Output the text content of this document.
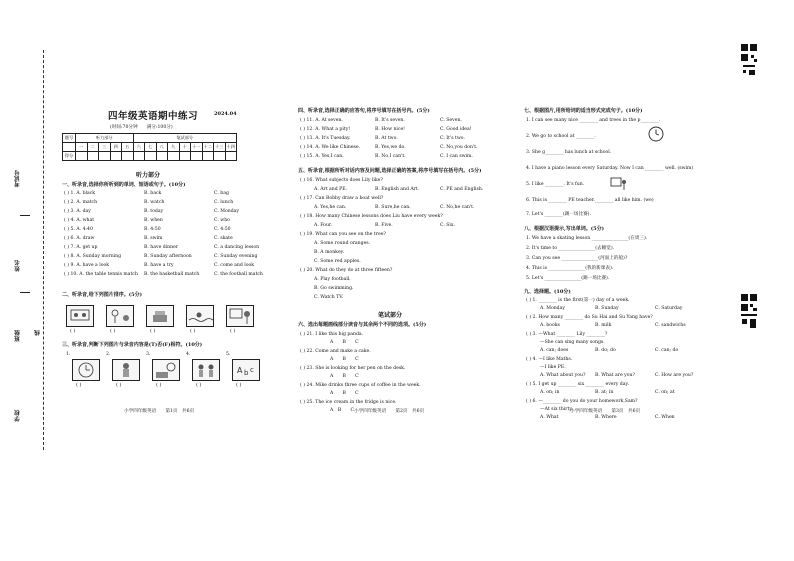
考试号
姓名
班级
学校
线
四年级英语期中练习	2024.04
(时间:70分钟　　满分:100分)
题号	听力部分					笔试部分								
	一	二	三	四	五	六	七	八	九	十	十一	十二	十三	十四
得分														
听力部分
一、听录音,选择你所听到的单词、短语或句子。(10分)
( ) 1. A. black	B. back	C. bag
( ) 2. A. match	B. watch	C. lunch
( ) 3. A. day	B. today	C. Monday
( ) 4. A. what	B. when	C. who
( ) 5. A. 4:40	B. 4:50	C. 4:50
( ) 6. A. draw	B. swim	C. skate
( ) 7. A. get up	B. have dinner	C. a dancing lesson
( ) 8. A. Sunday morning	B. Sunday afternoon	C. Sunday evening
( ) 9. A. have a look	B. have a try	C. come and look
( ) 10. A. the table tennis match B. the basketball match	C. the football match
二、听录音,给下列图片排序。(5分)
( )	( )	( )	( )	( )
三、听录音,判断下列图片与录音内容是(T)否(F)相符。(10分)
1.	2.	3.	4.	5.
A b c
( )	( )	( )	( )	( )
小学四年级英语　　第1页　共6页
四、听录音,选择正确的应答句,将序号填写在括号内。(5分)
( ) 11. A. At seven.	B. It's seven.	C. Seven.
( ) 12. A. What a pity!	B. How nice!	C. Good idea!
( ) 13. A. It's Tuesday.	B. At two.	C. It's two.
( ) 14. A. We like Chinese.	B. Yes,we do.	C. No,you don't.
( ) 15. A. Yes,I can.	B. No,I can't.	C. I can swim.
五、听录音,根据所听对话内容及问题,选择正确的答案,将序号填写在括号内。(5分)
( ) 16. What subjects does Lily like?
A. Art and PE.	B. English and Art.	C. PE and English.
( ) 17. Can Bobby draw a boat well?
A. Yes,he can.	B. Sure,he can.	C. No,he can't.
( ) 18. How many Chinese lessons does Liu have every week?
A. Four.	B. Five.	C. Six.
( ) 19. What can you see on the tree?
A. Some round oranges.
B. A monkey.
C. Some red apples.
( ) 20. What do they do at three fifteen?
A. Play football.
B. Go swimming.
C. Watch TV.
笔试部分
六、选出每题画线部分读音与其余两个不同的选项。(5分)
( ) 21. I like this big panda.
A　　B　　C
( ) 22. Come and make a cake.
A　　B　　C
( ) 23. She is looking for her pen on the desk.
A　　B　　C
( ) 24. Mike drinks three cups of coffee in the week.
A　　B　　C
( ) 25. The ice cream in the fridge is nice.
A　B　　C 小学四年级英语　　第2页　共6页
七、根据图片,用所给词的适当形式完成句子。(10分)
1. I can see many nice ________ and trees in the p________.
2. We go to school at ________.
3. She g________ has lunch at school.
4. I have a piano lesson every Saturday. Now I can ________ well. (swim)
5. I like ________. It's fun.
6. This is ________ PE teacher.________ all like him. (we)
7. Let's ________(踢一场比赛).
八、根据汉语提示,写出单词。(5分)
1. We have a skating lesson ________________(在周三).
2. It's time to ________________(去睡觉).
3. Can you see ________________(河面上的船)?
4. This is ________________(我的新课表).
5. Let's ________________(踢一场比赛).
九、选择题。(10分)
( ) 1. ________ is the first(第一) day of a week.
A. Monday	B. Sunday	C. Saturday
( ) 2. How many ________ do Su Hai and Su Yang have?
A. books	B. milk	C. sandwichs
( ) 3. —What ________ Lily ________?
—She can sing many songs.
A. can; does	B. do; do	C. can; do
( ) 4. —I like Maths.
—I like PE.
A. What about you? B. What are you?	C. How are you?
( ) 5. I get up ________ six ________ every day.
A. on; in	B. at; in	C. on; at
( ) 6. —________ do you do your homework,Sam?
—At six thirty.
A. What	B. Where	C. When
小学四年级英语　　第3页　共6页
